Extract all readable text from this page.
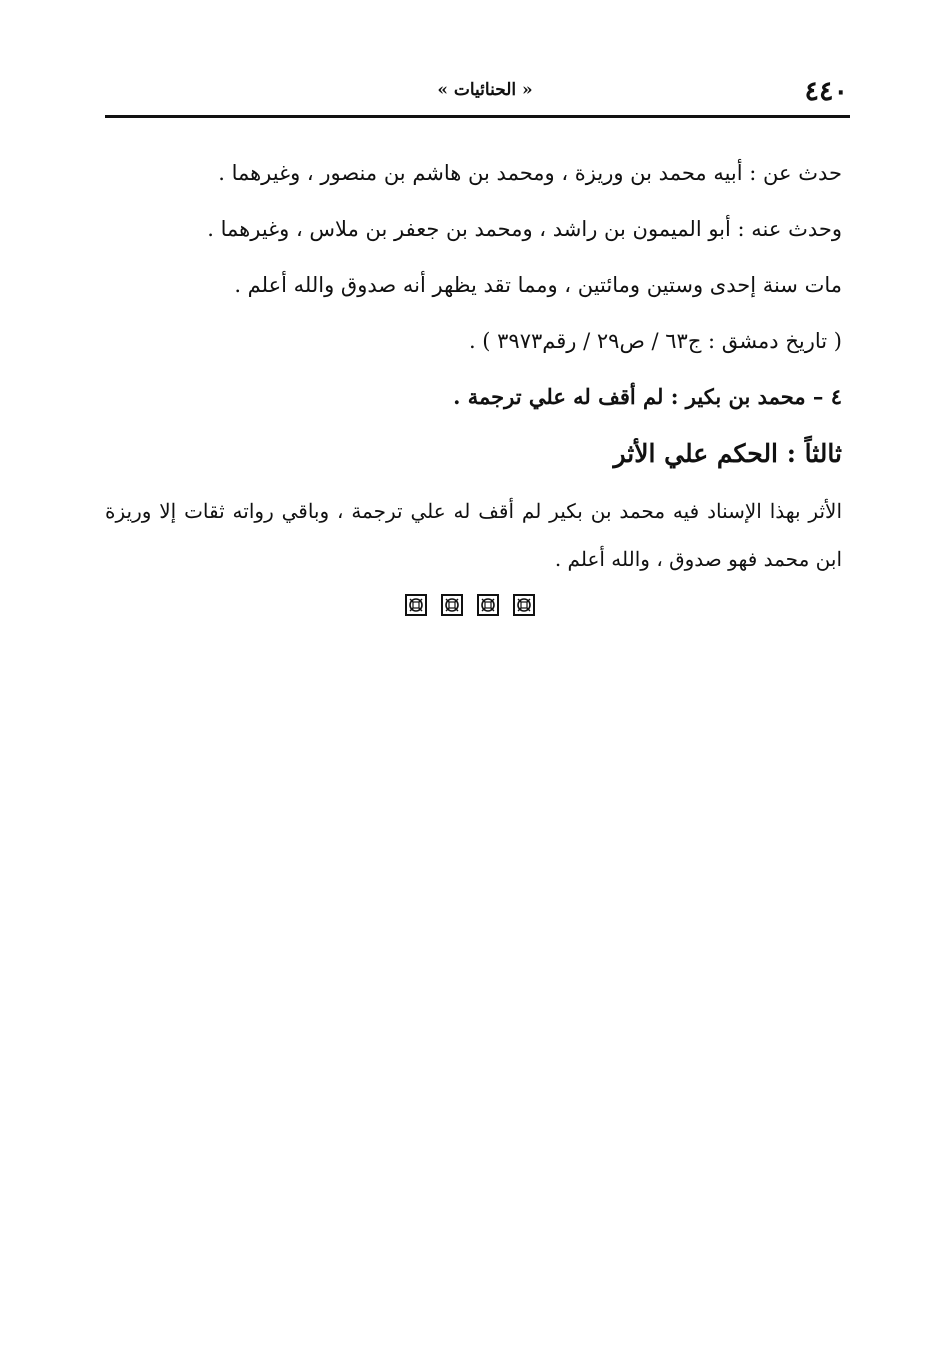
٤٤٠
« الحنائيات »
حدث عن : أبيه محمد بن وريزة ، ومحمد بن هاشم بن منصور ، وغيرهما .
وحدث عنه : أبو الميمون بن راشد ، ومحمد بن جعفر بن ملاس ، وغيرهما .
مات سنة إحدى وستين ومائتين ، ومما تقد يظهر أنه صدوق والله أعلم .
( تاريخ دمشق : ج٦٣ / ص٢٩ / رقم٣٩٧٣ ) .
٤ – محمد بن بكير : لم أقف له علي ترجمة .
ثالثاً : الحكم علي الأثر
الأثر بهذا الإسناد فيه محمد بن بكير لم أقف له علي ترجمة ، وباقي رواته ثقات إلا وريزة ابن محمد فهو صدوق ، والله أعلم .
